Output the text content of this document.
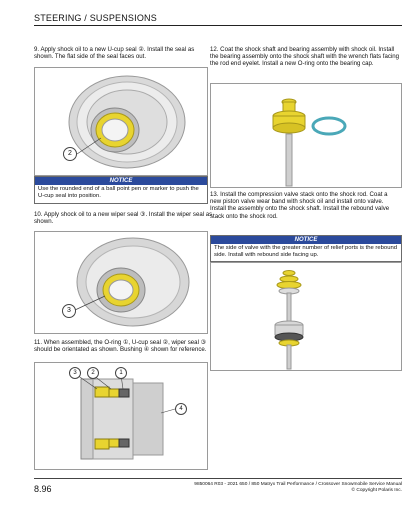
STEERING / SUSPENSIONS
9. Apply shock oil to a new U-cup seal ②. Install the seal as shown. The flat side of the seal faces out.
2
NOTICE
Use the rounded end of a ball point pen or marker to push the U-cup seal into position.
10. Apply shock oil to a new wiper seal ③. Install the wiper seal as shown.
3
11. When assembled, the O-ring ①, U-cup seal ②, wiper seal ③ should be orientated as shown. Bushing ④ shown for reference.
3	2	1
4
12. Coat the shock shaft and bearing assembly with shock oil. Install the bearing assembly onto the shock shaft with the wrench flats facing the rod end eyelet. Install a new O-ring onto the bearing cap.
13. Install the compression valve stack onto the shock rod. Coat a new piston valve wear band with shock oil and install onto valve. Install the assembly onto the shock shaft. Install the rebound valve stack onto the shock rod.
NOTICE
The side of valve with the greater number of relief ports is the rebound side. Install with rebound side facing up.
8.96	9850064 R03 - 2021 650 / 850 Matryx Trail Performance / Crossover Snowmobile Service Manual
© Copyright Polaris Inc.
